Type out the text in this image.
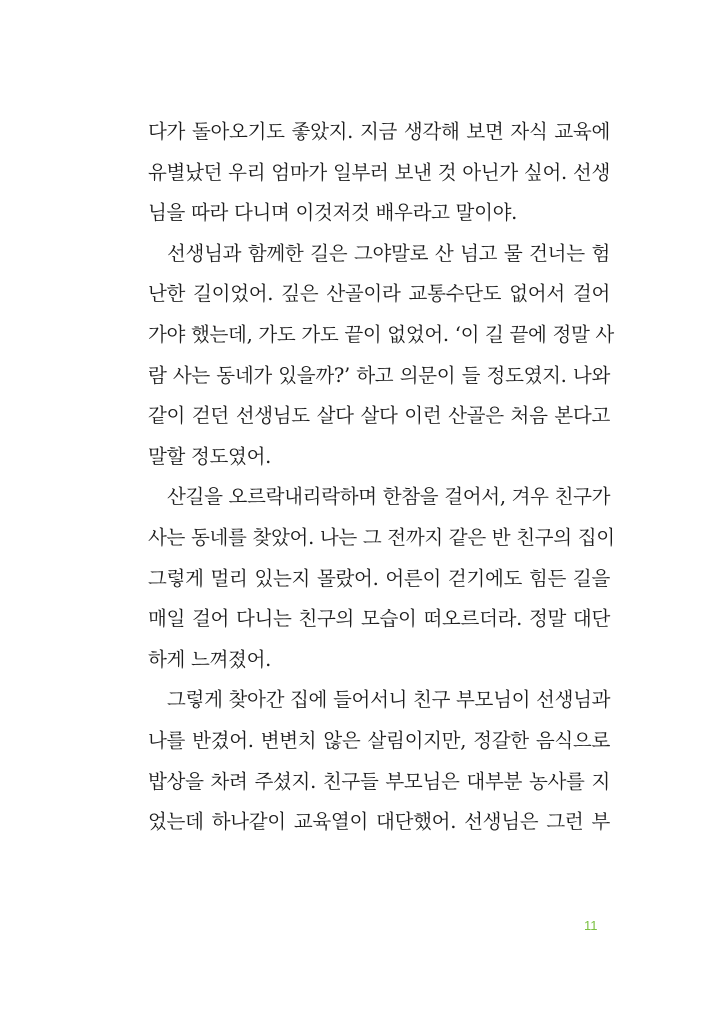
다가 돌아오기도 좋았지. 지금 생각해 보면 자식 교육에
유별났던 우리 엄마가 일부러 보낸 것 아닌가 싶어. 선생
님을 따라 다니며 이것저것 배우라고 말이야.
선생님과 함께한 길은 그야말로 산 넘고 물 건너는 험
난한 길이었어. 깊은 산골이라 교통수단도 없어서 걸어
가야 했는데, 가도 가도 끝이 없었어. ‘이 길 끝에 정말 사
람 사는 동네가 있을까?’ 하고 의문이 들 정도였지. 나와
같이 걷던 선생님도 살다 살다 이런 산골은 처음 본다고
말할 정도였어.
산길을 오르락내리락하며 한참을 걸어서, 겨우 친구가
사는 동네를 찾았어. 나는 그 전까지 같은 반 친구의 집이
그렇게 멀리 있는지 몰랐어. 어른이 걷기에도 힘든 길을
매일 걸어 다니는 친구의 모습이 떠오르더라. 정말 대단
하게 느껴졌어.
그렇게 찾아간 집에 들어서니 친구 부모님이 선생님과
나를 반겼어. 변변치 않은 살림이지만, 정갈한 음식으로
밥상을 차려 주셨지. 친구들 부모님은 대부분 농사를 지
었는데 하나같이 교육열이 대단했어. 선생님은 그런 부
11
